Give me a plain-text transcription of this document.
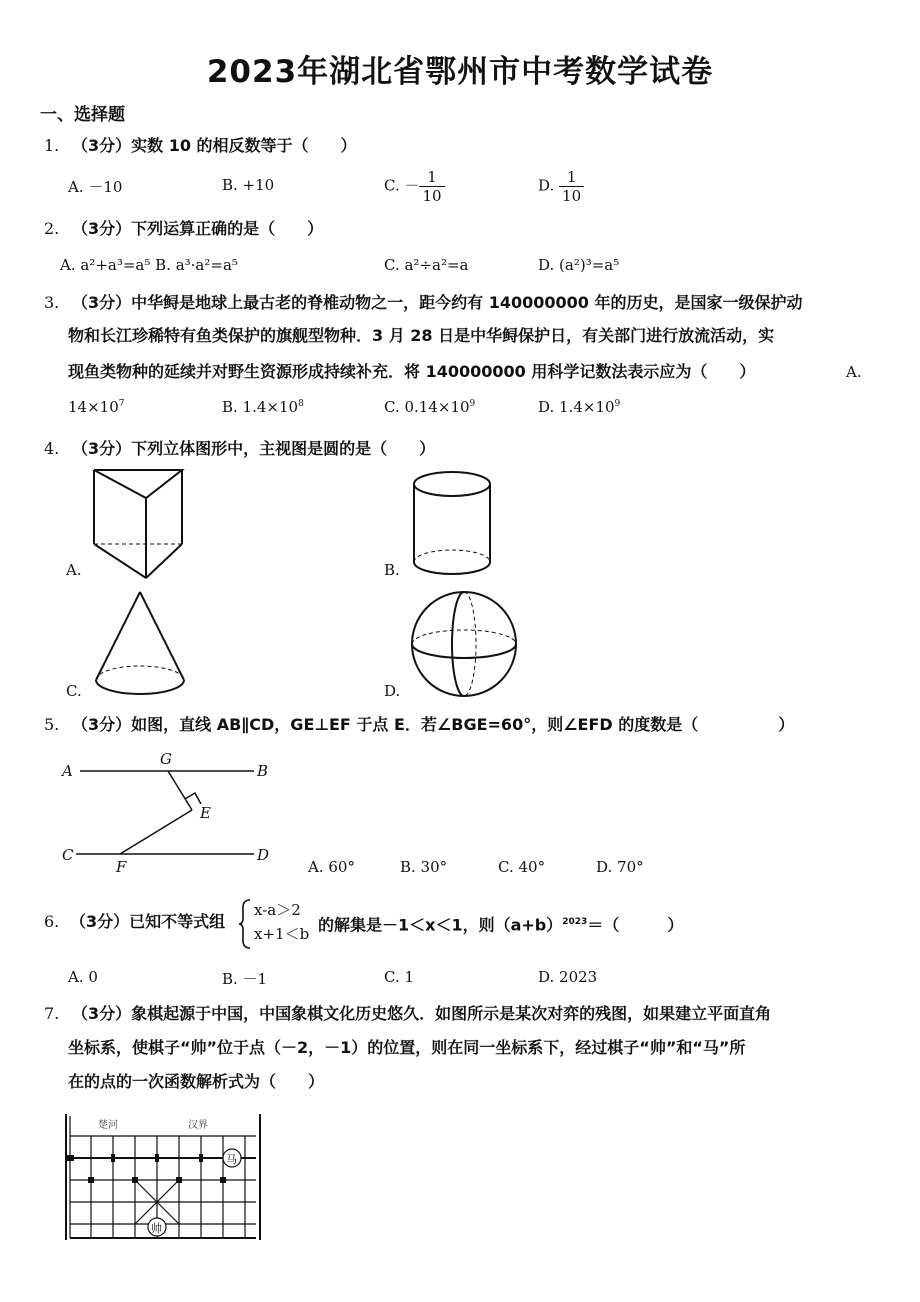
2023年湖北省鄂州市中考数学试卷
一、选择题
1. （3分）实数 10 的相反数等于（　　）
A. －10	B. +10	C. － $\frac{1}{10}$	D. $\frac{1}{10}$
2. （3分）下列运算正确的是（　　）
A. a²+a³=a⁵ B. a³·a²=a⁵	C. a²÷a²=a	D. (a²)³=a⁵
3. （3分）中华鲟是地球上最古老的脊椎动物之一，距今约有 140000000 年的历史，是国家一级保护动
物和长江珍稀特有鱼类保护的旗舰型物种．3 月 28 日是中华鲟保护日，有关部门进行放流活动，实
现鱼类物种的延续并对野生资源形成持续补充．将 140000000 用科学记数法表示应为（　　）	A.
$14\times 10^7$	B. $1.4\times 10^8$	C. $0.14\times 10^9$	D. $1.4\times 10^9$
4. （3分）下列立体图形中，主视图是圆的是（　　）
A.	B.
C.	D.
5. （3分）如图，直线 AB∥CD，GE⊥EF 于点 E．若∠BGE=60°，则∠EFD 的度数是（　　　　　）
A
G
B
E
C
F
D
A. 60°	B. 30°	C. 40°	D. 70°
6. （3分）已知不等式组
x-a＞2
x+1＜b 的解集是－1＜x＜1，则$(a+b)^{2023}=$（　　　）
A. 0	B. －1	C. 1	D. 2023
7. （3分）象棋起源于中国，中国象棋文化历史悠久．如图所示是某次对弈的残图，如果建立平面直角
坐标系，使棋子“帅”位于点（－2，－1）的位置，则在同一坐标系下，经过棋子“帅”和“马”所
在的点的一次函数解析式为（　　）
楚河	汉界
马
帅
